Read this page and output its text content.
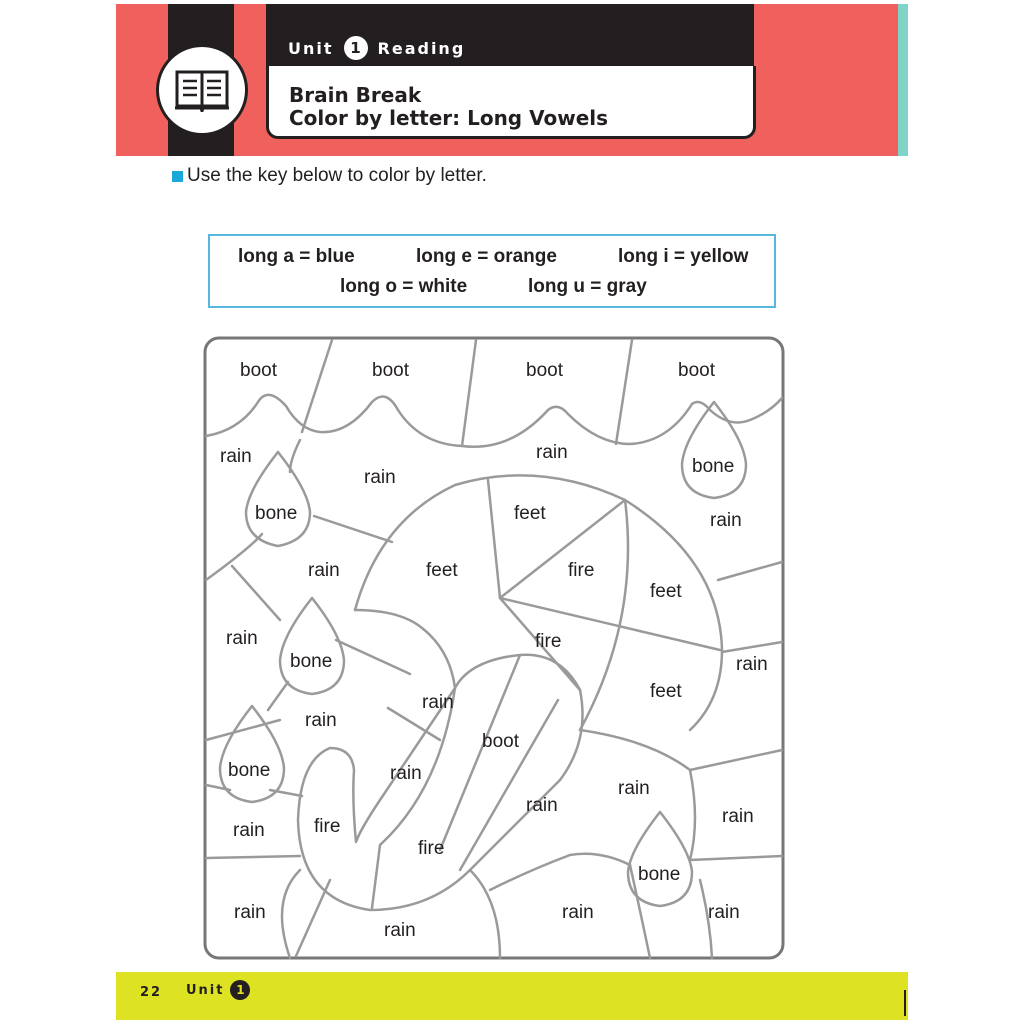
Unit	1	Reading
Brain Break
Color by letter: Long Vowels
Use the key below to color by letter.
long a = blue	long e = orange	long i = yellow
long o = white	long u = gray
boot	boot	boot	boot
rain
rain
rain
bone
bone	feet	rain
rain	feet	fire
feet
rain
bone
fire
rain
rain
feet
rain
boot
bone	rain
rain
rain
rain	fire	rain
rain
fire
bone
rain
rain	rain
22 Unit 1
